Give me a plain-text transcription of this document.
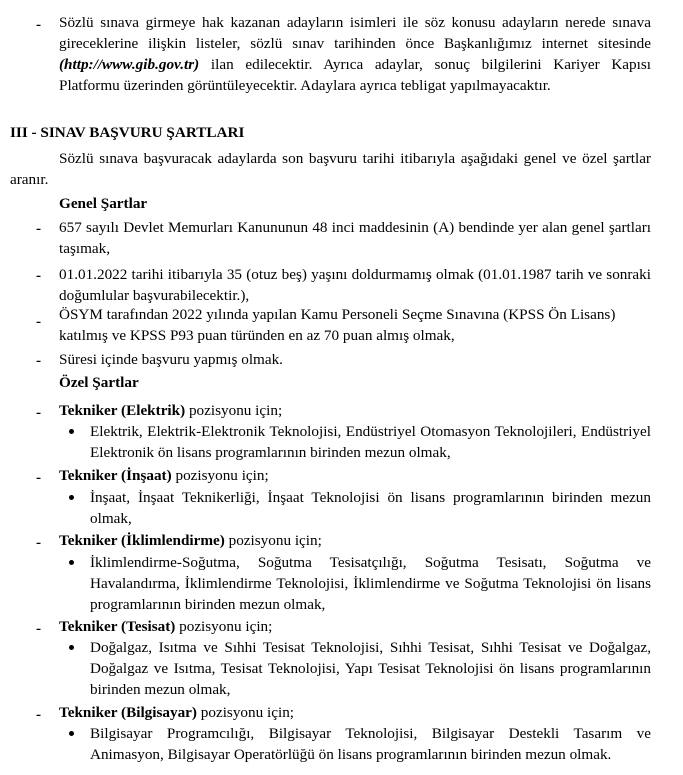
- Sözlü sınava girmeye hak kazanan adayların isimleri ile söz konusu adayların nerede sınava gireceklerine ilişkin listeler, sözlü sınav tarihinden önce Başkanlığımız internet sitesinde (http://www.gib.gov.tr) ilan edilecektir. Ayrıca adaylar, sonuç bilgilerini Kariyer Kapısı Platformu üzerinden görüntüleyecektir. Adaylara ayrıca tebligat yapılmayacaktır.
III - SINAV BAŞVURU ŞARTLARI
Sözlü sınava başvuracak adaylarda son başvuru tarihi itibarıyla aşağıdaki genel ve özel şartlar aranır.
Genel Şartlar
- 657 sayılı Devlet Memurları Kanununun 48 inci maddesinin (A) bendinde yer alan genel şartları taşımak,
- 01.01.2022 tarihi itibarıyla 35 (otuz beş) yaşını doldurmamış olmak (01.01.1987 tarih ve sonraki doğumlular başvurabilecektir.),
- ÖSYM tarafından 2022 yılında yapılan Kamu Personeli Seçme Sınavına (KPSS Ön Lisans) katılmış ve KPSS P93 puan türünden en az 70 puan almış olmak,
- Süresi içinde başvuru yapmış olmak.
Özel Şartlar
- Tekniker (Elektrik) pozisyonu için;
Elektrik, Elektrik-Elektronik Teknolojisi, Endüstriyel Otomasyon Teknolojileri, Endüstriyel Elektronik ön lisans programlarının birinden mezun olmak,
- Tekniker (İnşaat) pozisyonu için;
İnşaat, İnşaat Teknikerliği, İnşaat Teknolojisi ön lisans programlarının birinden mezun olmak,
- Tekniker (İklimlendirme) pozisyonu için;
İklimlendirme-Soğutma, Soğutma Tesisatçılığı, Soğutma Tesisatı, Soğutma ve Havalandırma, İklimlendirme Teknolojisi, İklimlendirme ve Soğutma Teknolojisi ön lisans programlarının birinden mezun olmak,
- Tekniker (Tesisat) pozisyonu için;
Doğalgaz, Isıtma ve Sıhhi Tesisat Teknolojisi, Sıhhi Tesisat, Sıhhi Tesisat ve Doğalgaz, Doğalgaz ve Isıtma, Tesisat Teknolojisi, Yapı Tesisat Teknolojisi ön lisans programlarının birinden mezun olmak,
- Tekniker (Bilgisayar) pozisyonu için;
Bilgisayar Programcılığı, Bilgisayar Teknolojisi, Bilgisayar Destekli Tasarım ve Animasyon, Bilgisayar Operatörlüğü ön lisans programlarının birinden mezun olmak.
